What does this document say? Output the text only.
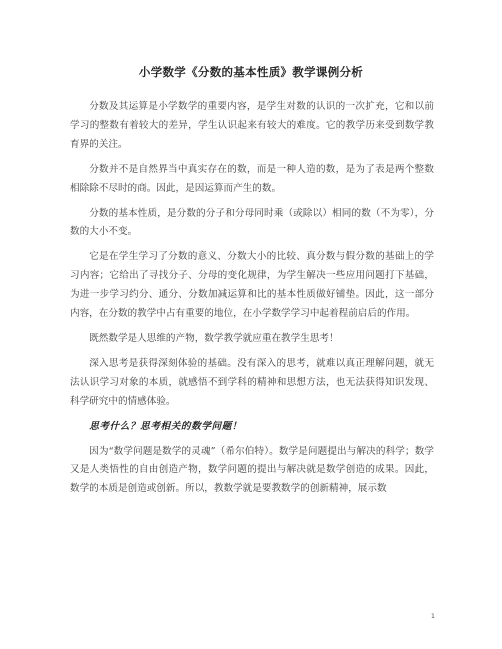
小学数学《分数的基本性质》教学课例分析

分数及其运算是小学数学的重要内容，是学生对数的认识的一次扩充，它和以前学习的整数有着较大的差异，学生认识起来有较大的难度。它的教学历来受到数学教育界的关注。

分数并不是自然界当中真实存在的数，而是一种人造的数，是为了表是两个整数相除除不尽时的商。因此，是因运算而产生的数。

分数的基本性质，是分数的分子和分母同时乘（或除以）相同的数（不为零），分数的大小不变。

它是在学生学习了分数的意义、分数大小的比较、真分数与假分数的基础上的学习内容；它给出了寻找分子、分母的变化规律，为学生解决一些应用问题打下基础，为进一步学习约分、通分、分数加减运算和比的基本性质做好铺垫。因此，这一部分内容，在分数的教学中占有重要的地位，在小学数学学习中起着程前启后的作用。

既然数学是人思维的产物，数学教学就应重在教学生思考！

深入思考是获得深刻体验的基础。没有深入的思考，就难以真正理解问题，就无法认识学习对象的本质，就感悟不到学科的精神和思想方法，也无法获得知识发现、科学研究中的情感体验。

思考什么？思考相关的数学问题！

因为“数学问题是数学的灵魂”（希尔伯特）。数学是问题提出与解决的科学；数学又是人类悟性的自由创造产物，数学问题的提出与解决就是数学创造的成果。因此，数学的本质是创造或创新。所以，教数学就是要教数学的创新精神，展示数

1
